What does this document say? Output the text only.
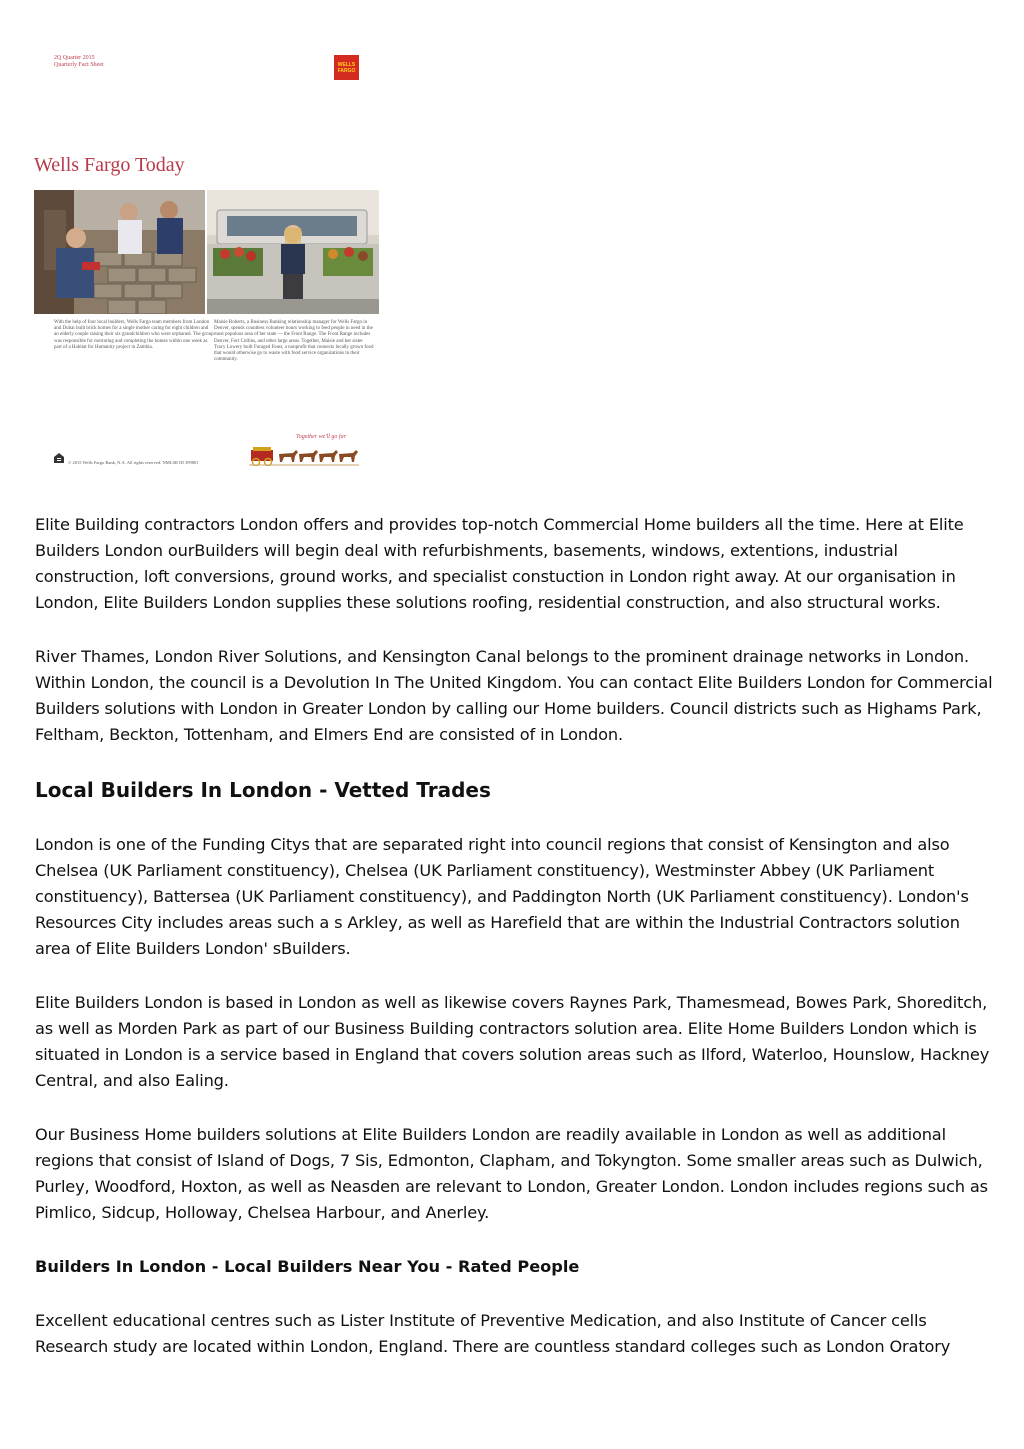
2Q Quarter 2015
Quarterly Fact Sheet	WELLS
FARGO
Wells Fargo Today
With the help of four local builders, Wells Fargo team members from London and Dubai built brick homes for a single mother caring for eight children and an elderly couple raising their six grandchildren who were orphaned. The group was responsible for mortaring and completing the homes within one week as part of a Habitat for Humanity project in Zambia.
Maisie Roberts, a Business Banking relationship manager for Wells Fargo in Denver, spends countless volunteer hours working to feed people in need in the most populous area of her state — the Front Range. The Front Range includes Denver, Fort Collins, and other large areas. Together, Maisie and her sister Tracy Lowery built Foraged Feast, a nonprofit that connects locally grown food that would otherwise go to waste with food service organizations in their community.
© 2015 Wells Fargo Bank, N.A. All rights reserved. NMLSR ID 399801
Together we'll go far

Elite Building contractors London offers and provides top-notch Commercial Home builders all the time. Here at Elite Builders London ourBuilders will begin deal with refurbishments, basements, windows, extentions, industrial construction, loft conversions, ground works, and specialist constuction in London right away. At our organisation in London, Elite Builders London supplies these solutions roofing, residential construction, and also structural works.

River Thames, London River Solutions, and Kensington Canal belongs to the prominent drainage networks in London. Within London, the council is a Devolution In The United Kingdom. You can contact Elite Builders London for Commercial Builders solutions with London in Greater London by calling our Home builders. Council districts such as Highams Park, Feltham, Beckton, Tottenham, and Elmers End are consisted of in London.

Local Builders In London - Vetted Trades

London is one of the Funding Citys that are separated right into council regions that consist of Kensington and also Chelsea (UK Parliament constituency), Chelsea (UK Parliament constituency), Westminster Abbey (UK Parliament constituency), Battersea (UK Parliament constituency), and Paddington North (UK Parliament constituency). London's Resources City includes areas such a s Arkley, as well as Harefield that are within the Industrial Contractors solution area of Elite Builders London' sBuilders.

Elite Builders London is based in London as well as likewise covers Raynes Park, Thamesmead, Bowes Park, Shoreditch, as well as Morden Park as part of our Business Building contractors solution area. Elite Home Builders London which is situated in London is a service based in England that covers solution areas such as Ilford, Waterloo, Hounslow, Hackney Central, and also Ealing.

Our Business Home builders solutions at Elite Builders London are readily available in London as well as additional regions that consist of Island of Dogs, 7 Sis, Edmonton, Clapham, and Tokyngton. Some smaller areas such as Dulwich, Purley, Woodford, Hoxton, as well as Neasden are relevant to London, Greater London. London includes regions such as Pimlico, Sidcup, Holloway, Chelsea Harbour, and Anerley.

Builders In London - Local Builders Near You - Rated People

Excellent educational centres such as Lister Institute of Preventive Medication, and also Institute of Cancer cells Research study are located within London, England. There are countless standard colleges such as London Oratory
